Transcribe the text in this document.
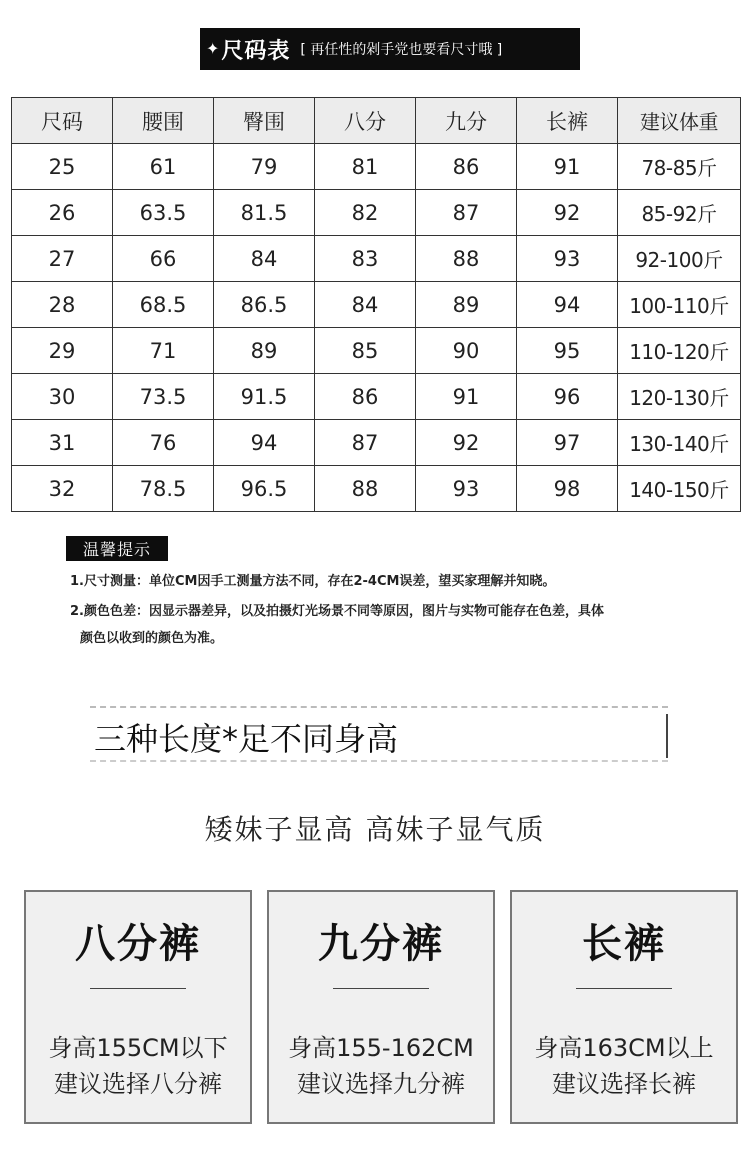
✦ 尺码表 [ 再任性的剁手党也要看尺寸哦 ]
尺码	腰围	臀围	八分	九分	长裤	建议体重
25	61	79	81	86	91	78-85斤
26	63.5	81.5	82	87	92	85-92斤
27	66	84	83	88	93	92-100斤
28	68.5	86.5	84	89	94	100-110斤
29	71	89	85	90	95	110-120斤
30	73.5	91.5	86	91	96	120-130斤
31	76	94	87	92	97	130-140斤
32	78.5	96.5	88	93	98	140-150斤
温馨提示
1.尺寸测量：单位CM因手工测量方法不同，存在2-4CM误差，望买家理解并知晓。
2.颜色色差：因显示器差异，以及拍摄灯光场景不同等原因，图片与实物可能存在色差，具体
颜色以收到的颜色为准。
三种长度*足不同身高
矮妹子显高 高妹子显气质
八分裤
身高155CM以下
建议选择八分裤
九分裤
身高155-162CM
建议选择九分裤
长裤
身高163CM以上
建议选择长裤
